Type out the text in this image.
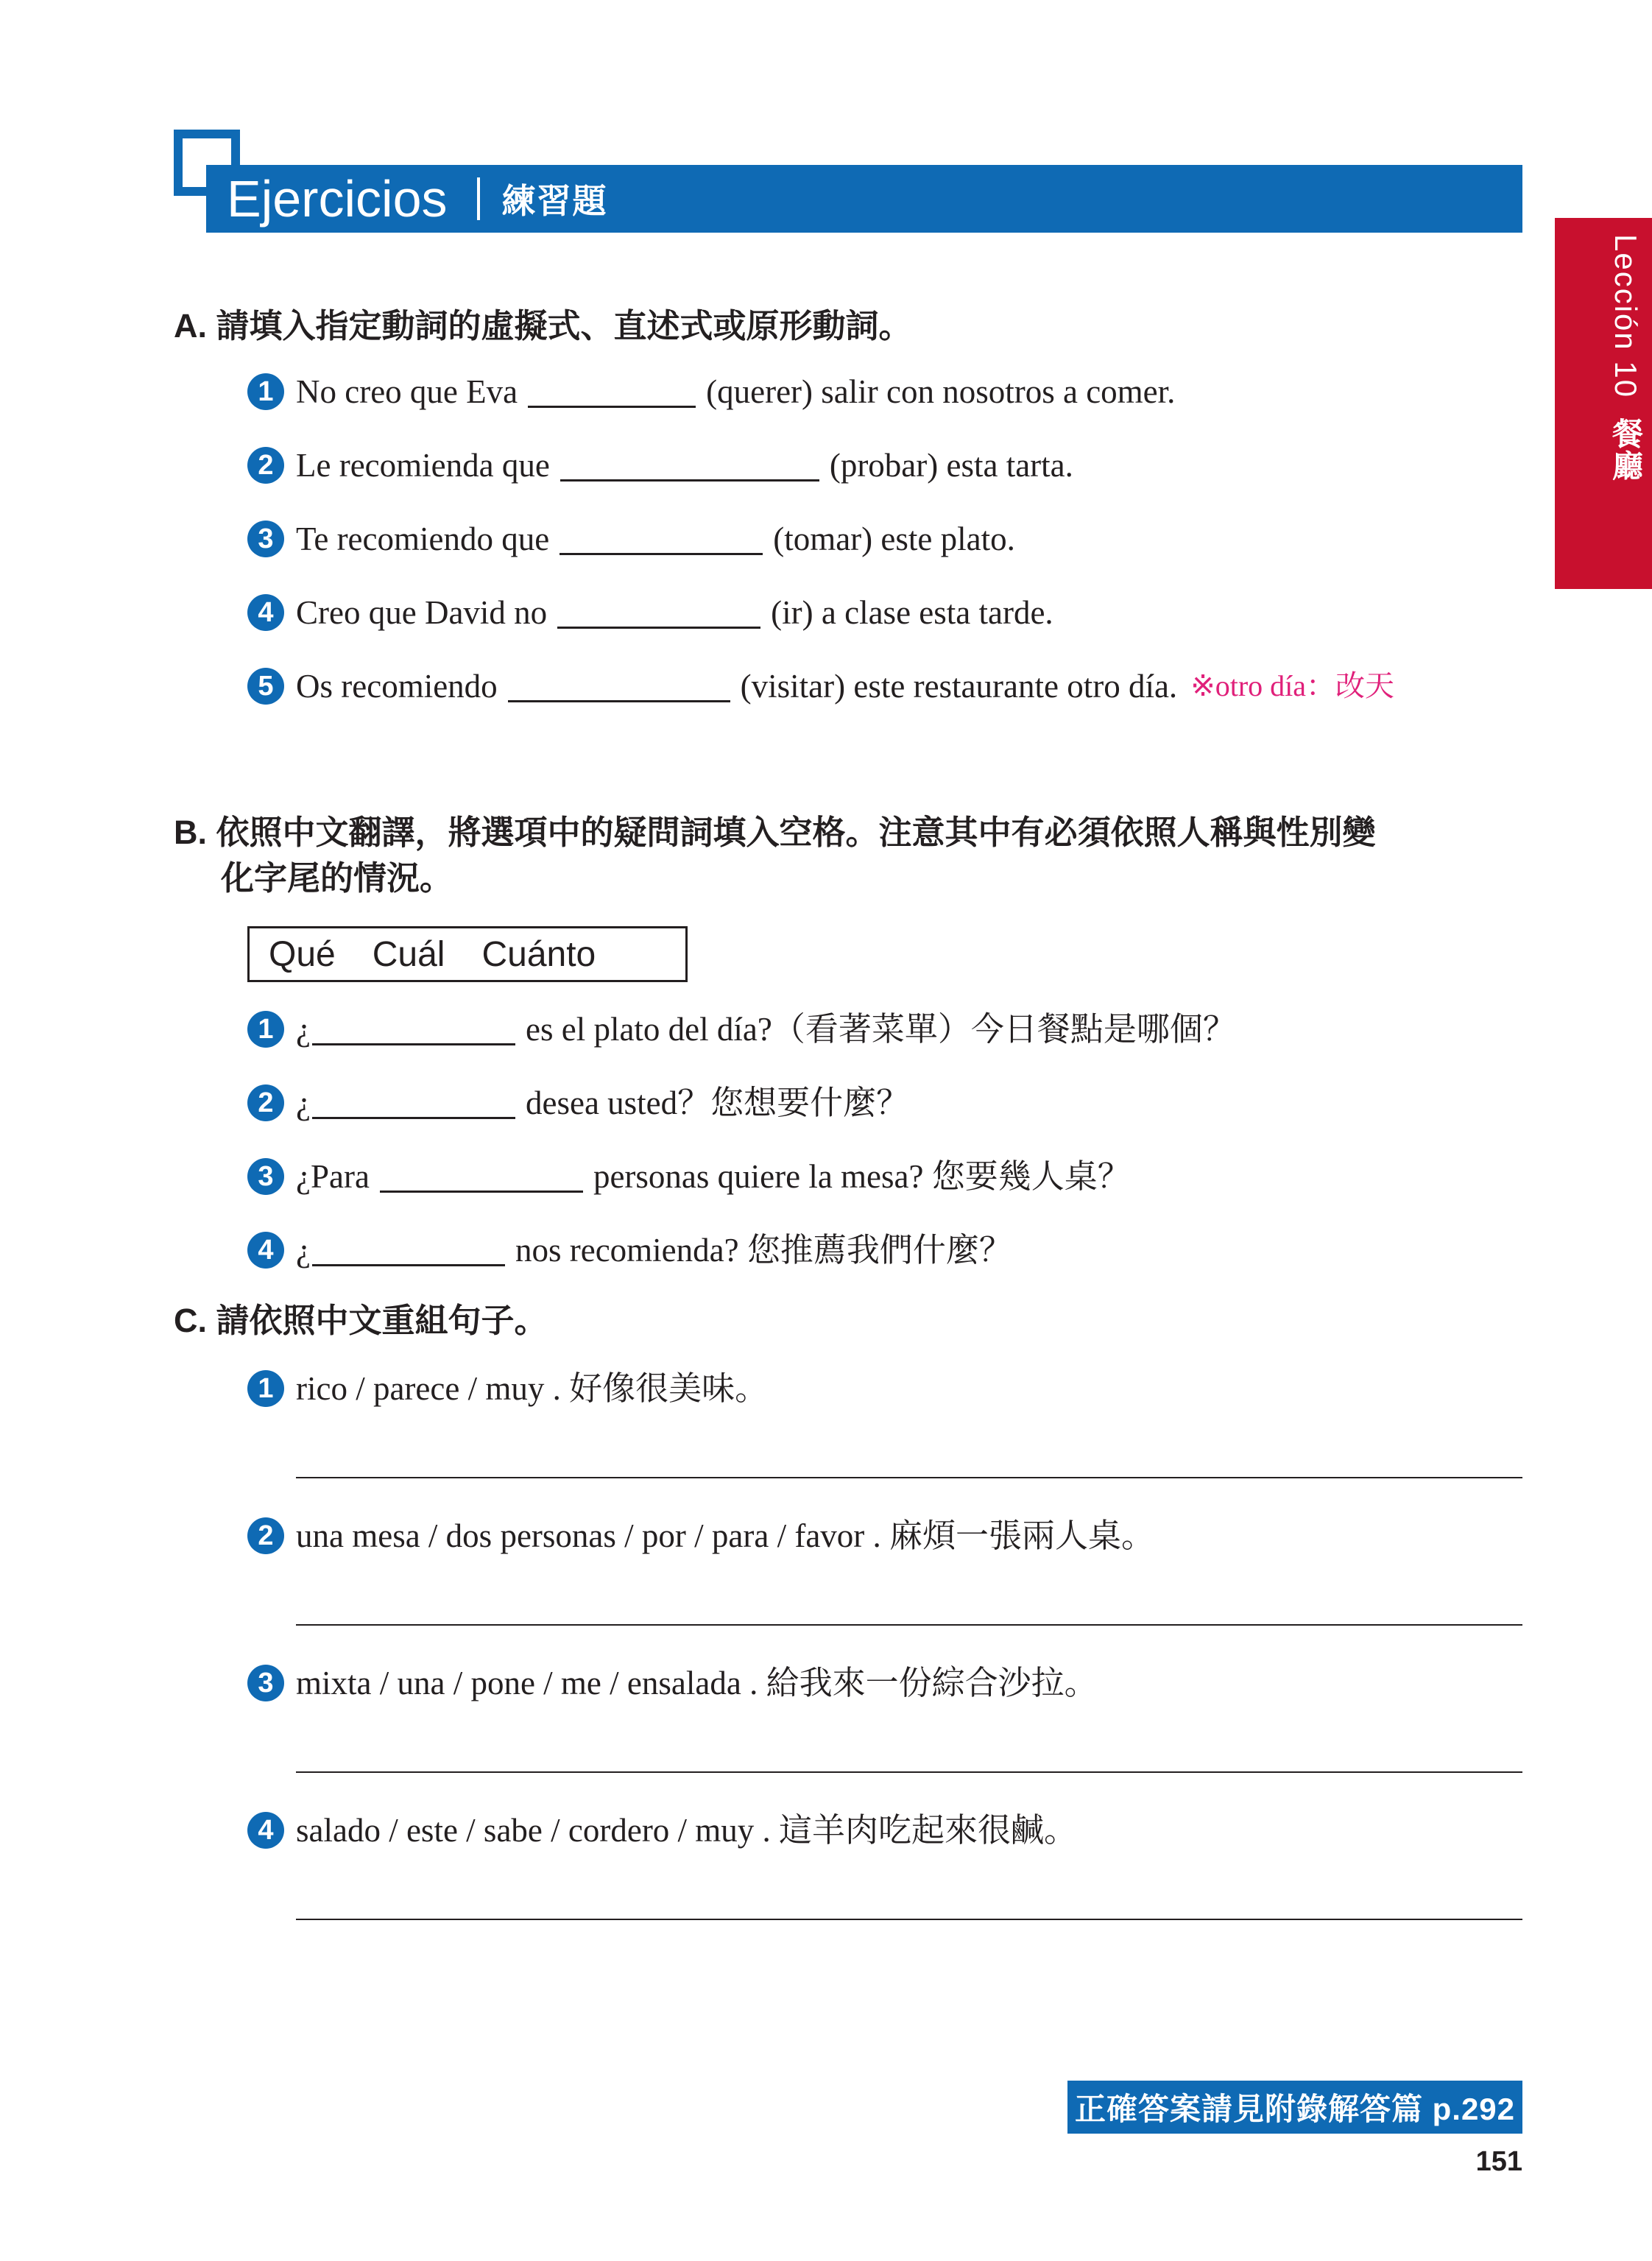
Ejercicios 練習題
Lección 10餐廳
A. 請填入指定動詞的虛擬式、直述式或原形動詞。
1 No creo que Eva	(querer) salir con nosotros a comer.
2 Le recomienda que	(probar) esta tarta.
3 Te recomiendo que	(tomar) este plato.
4 Creo que David no	(ir) a clase esta tarde.
5 Os recomiendo	(visitar) este restaurante otro día. ※otro día：改天
B. 依照中文翻譯，將選項中的疑問詞填入空格。注意其中有必須依照人稱與性別變
化字尾的情況。
Qué Cuál Cuánto
1 ¿	es el plato del día?（看著菜單）今日餐點是哪個？
2 ¿	desea usted？您想要什麼？
3 ¿Para	personas quiere la mesa? 您要幾人桌？
4 ¿	nos recomienda? 您推薦我們什麼？
C. 請依照中文重組句子。
1 rico / parece / muy . 好像很美味。
2 una mesa / dos personas / por / para / favor . 麻煩一張兩人桌。
3 mixta / una / pone / me / ensalada . 給我來一份綜合沙拉。
4 salado / este / sabe / cordero / muy . 這羊肉吃起來很鹹。
正確答案請見附錄解答篇 p.292
151
